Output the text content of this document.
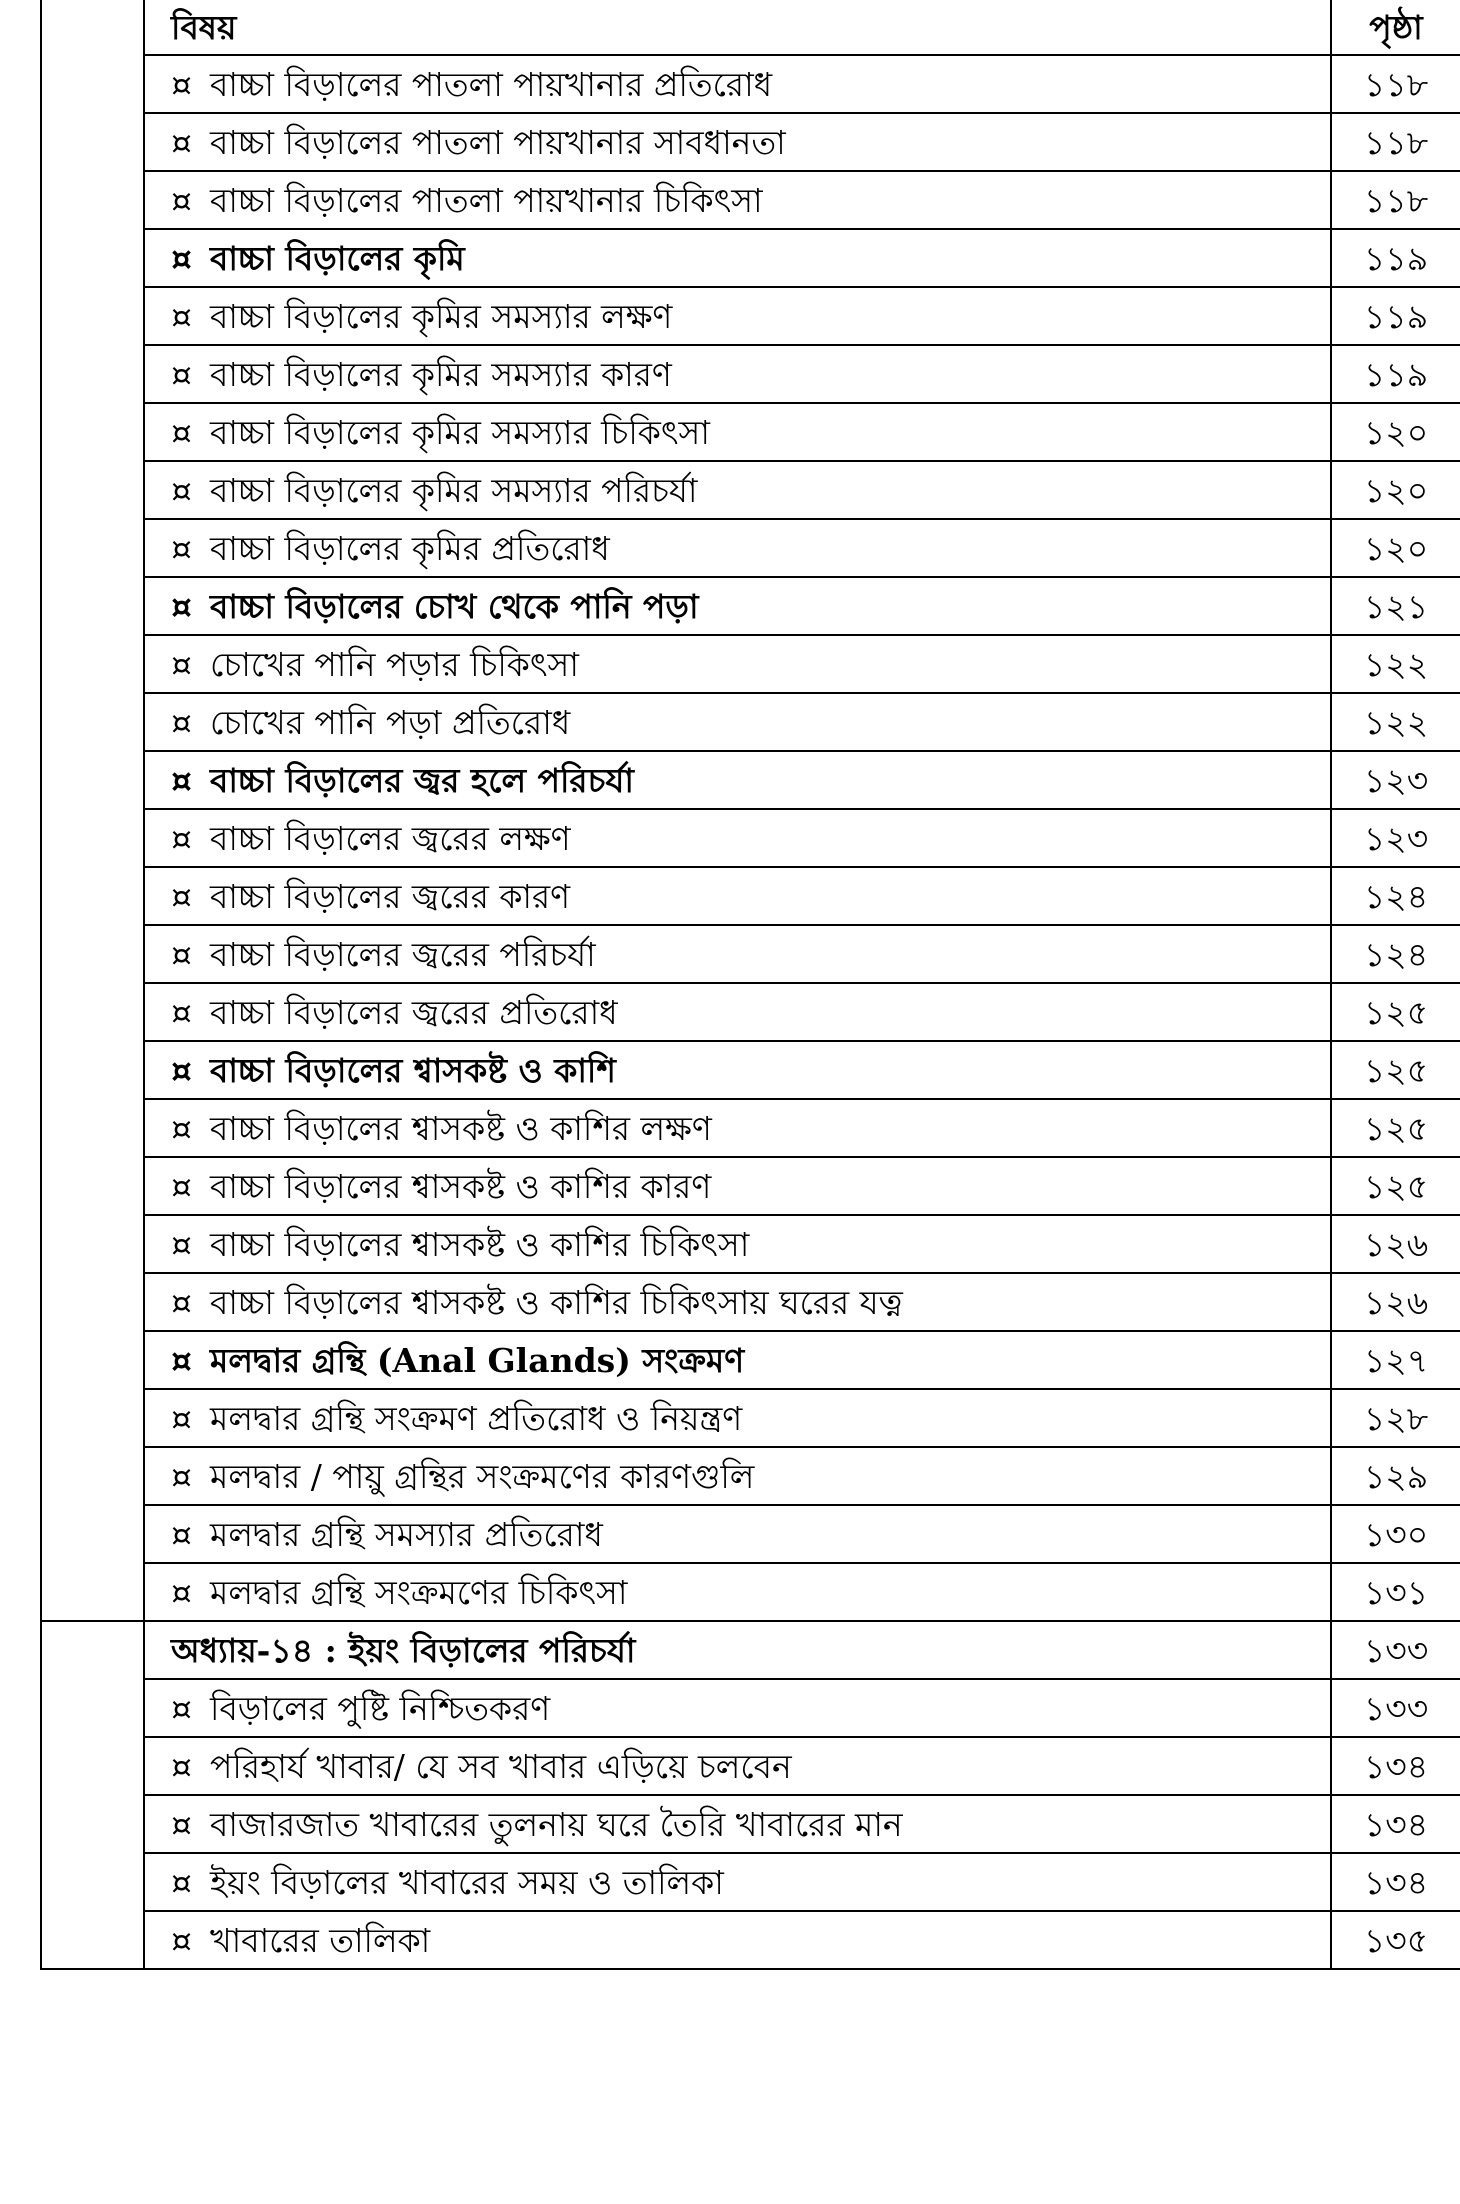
	বিষয়	পৃষ্ঠা
	¤ বাচ্চা বিড়ালের পাতলা পায়খানার প্রতিরোধ	১১৮
	¤ বাচ্চা বিড়ালের পাতলা পায়খানার সাবধানতা	১১৮
	¤ বাচ্চা বিড়ালের পাতলা পায়খানার চিকিৎসা	১১৮
	¤ বাচ্চা বিড়ালের কৃমি	১১৯
	¤ বাচ্চা বিড়ালের কৃমির সমস্যার লক্ষণ	১১৯
	¤ বাচ্চা বিড়ালের কৃমির সমস্যার কারণ	১১৯
	¤ বাচ্চা বিড়ালের কৃমির সমস্যার চিকিৎসা	১২০
	¤ বাচ্চা বিড়ালের কৃমির সমস্যার পরিচর্যা	১২০
	¤ বাচ্চা বিড়ালের কৃমির প্রতিরোধ	১২০
	¤ বাচ্চা বিড়ালের চোখ থেকে পানি পড়া	১২১
	¤ চোখের পানি পড়ার চিকিৎসা	১২২
	¤ চোখের পানি পড়া প্রতিরোধ	১২২
	¤ বাচ্চা বিড়ালের জ্বর হলে পরিচর্যা	১২৩
	¤ বাচ্চা বিড়ালের জ্বরের লক্ষণ	১২৩
	¤ বাচ্চা বিড়ালের জ্বরের কারণ	১২৪
	¤ বাচ্চা বিড়ালের জ্বরের পরিচর্যা	১২৪
	¤ বাচ্চা বিড়ালের জ্বরের প্রতিরোধ	১২৫
	¤ বাচ্চা বিড়ালের শ্বাসকষ্ট ও কাশি	১২৫
	¤ বাচ্চা বিড়ালের শ্বাসকষ্ট ও কাশির লক্ষণ	১২৫
	¤ বাচ্চা বিড়ালের শ্বাসকষ্ট ও কাশির কারণ	১২৫
	¤ বাচ্চা বিড়ালের শ্বাসকষ্ট ও কাশির চিকিৎসা	১২৬
	¤ বাচ্চা বিড়ালের শ্বাসকষ্ট ও কাশির চিকিৎসায় ঘরের যত্ন	১২৬
	¤ মলদ্বার গ্রন্থি (Anal Glands) সংক্রমণ	১২৭
	¤ মলদ্বার গ্রন্থি সংক্রমণ প্রতিরোধ ও নিয়ন্ত্রণ	১২৮
	¤ মলদ্বার / পায়ু গ্রন্থির সংক্রমণের কারণগুলি	১২৯
	¤ মলদ্বার গ্রন্থি সমস্যার প্রতিরোধ	১৩০
	¤ মলদ্বার গ্রন্থি সংক্রমণের চিকিৎসা	১৩১
	অধ্যায়-১৪ : ইয়ং বিড়ালের পরিচর্যা	১৩৩
	¤ বিড়ালের পুষ্টি নিশ্চিতকরণ	১৩৩
	¤ পরিহার্য খাবার/ যে সব খাবার এড়িয়ে চলবেন	১৩৪
	¤ বাজারজাত খাবারের তুলনায় ঘরে তৈরি খাবারের মান	১৩৪
	¤ ইয়ং বিড়ালের খাবারের সময় ও তালিকা	১৩৪
	¤ খাবারের তালিকা	১৩৫
